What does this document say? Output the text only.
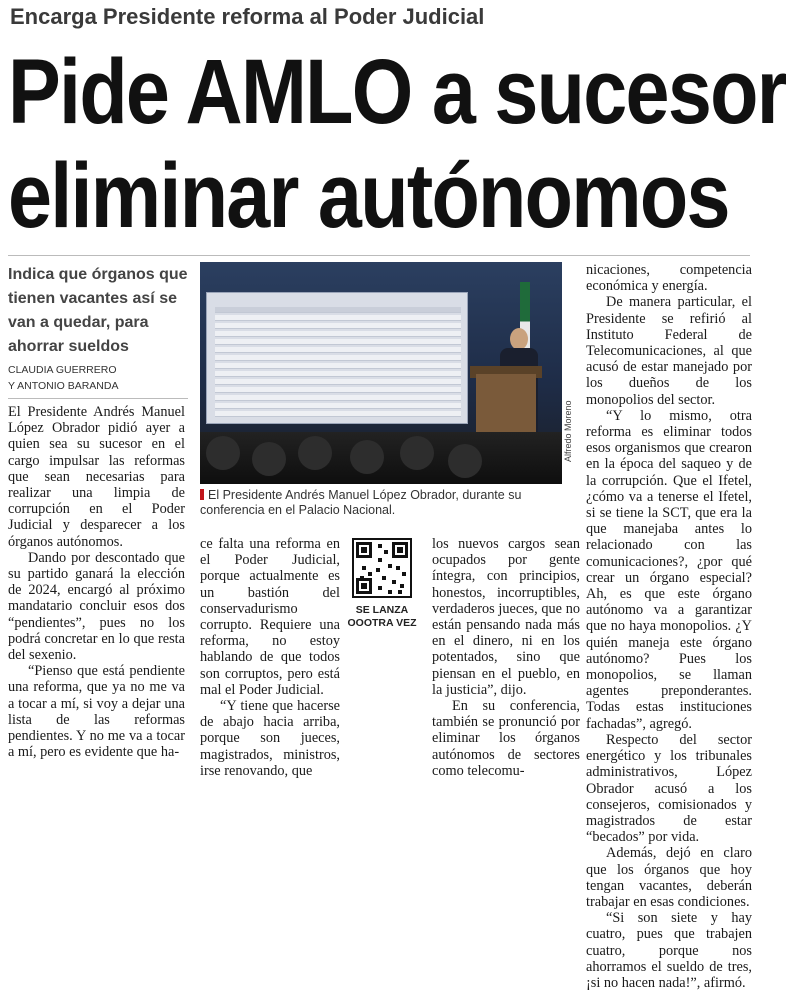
Encarga Presidente reforma al Poder Judicial
Pide AMLO a sucesor
eliminar autónomos
Indica que órganos que tienen vacantes así se van a quedar, para ahorrar sueldos
CLAUDIA GUERRERO
Y ANTONIO BARANDA
Alfredo Moreno
El Presidente Andrés Manuel López Obrador, durante su conferencia en el Palacio Nacional.

El Presidente Andrés Manuel López Obrador pidió ayer a quien sea su sucesor en el cargo impulsar las reformas que sean necesarias para realizar una limpia de corrupción en el Poder Judicial y desparecer a los órganos autónomos.

Dando por descontado que su partido ganará la elección de 2024, encargó al próximo mandatario concluir esos dos “pendientes”, pues no los podrá concretar en lo que resta del sexenio.

“Pienso que está pendiente una reforma, que ya no me va a tocar a mí, si voy a dejar una lista de las reformas pendientes. Y no me va a tocar a mí, pero es evidente que ha-

ce falta una reforma en el Poder Judicial, porque actualmente es un bastión del conservadurismo corrupto. Requiere una reforma, no estoy hablando de que todos son corruptos, pero está mal el Poder Judicial.

“Y tiene que hacerse de abajo hacia arriba, porque son jueces, magistrados, ministros, irse renovando, que

SE LANZA OOOTRA VEZ

los nuevos cargos sean ocupados por gente íntegra, con principios, honestos, incorruptibles, verdaderos jueces, que no están pensando nada más en el dinero, ni en los potentados, sino que piensan en el pueblo, en la justicia”, dijo.

En su conferencia, también se pronunció por eliminar los órganos autónomos de sectores como telecomu-

nicaciones, competencia económica y energía.

De manera particular, el Presidente se refirió al Instituto Federal de Telecomunicaciones, al que acusó de estar manejado por los dueños de los monopolios del sector.

“Y lo mismo, otra reforma es eliminar todos esos organismos que crearon en la época del saqueo y de la corrupción. Que el Ifetel, ¿cómo va a tenerse el Ifetel, si se tiene la SCT, que era la que manejaba antes lo relacionado con las comunicaciones?, ¿por qué crear un órgano especial? Ah, es que este órgano autónomo va a garantizar que no haya monopolios. ¿Y quién maneja este órgano autónomo? Pues los monopolios, se llaman agentes preponderantes. Todas estas instituciones fachadas”, agregó.

Respecto del sector energético y los tribunales administrativos, López Obrador acusó a los consejeros, comisionados y magistrados de estar “becados” por vida.

Además, dejó en claro que los órganos que hoy tengan vacantes, deberán trabajar en esas condiciones.

“Si son siete y hay cuatro, pues que trabajen cuatro, porque nos ahorramos el sueldo de tres, ¡si no hacen nada!”, afirmó.
